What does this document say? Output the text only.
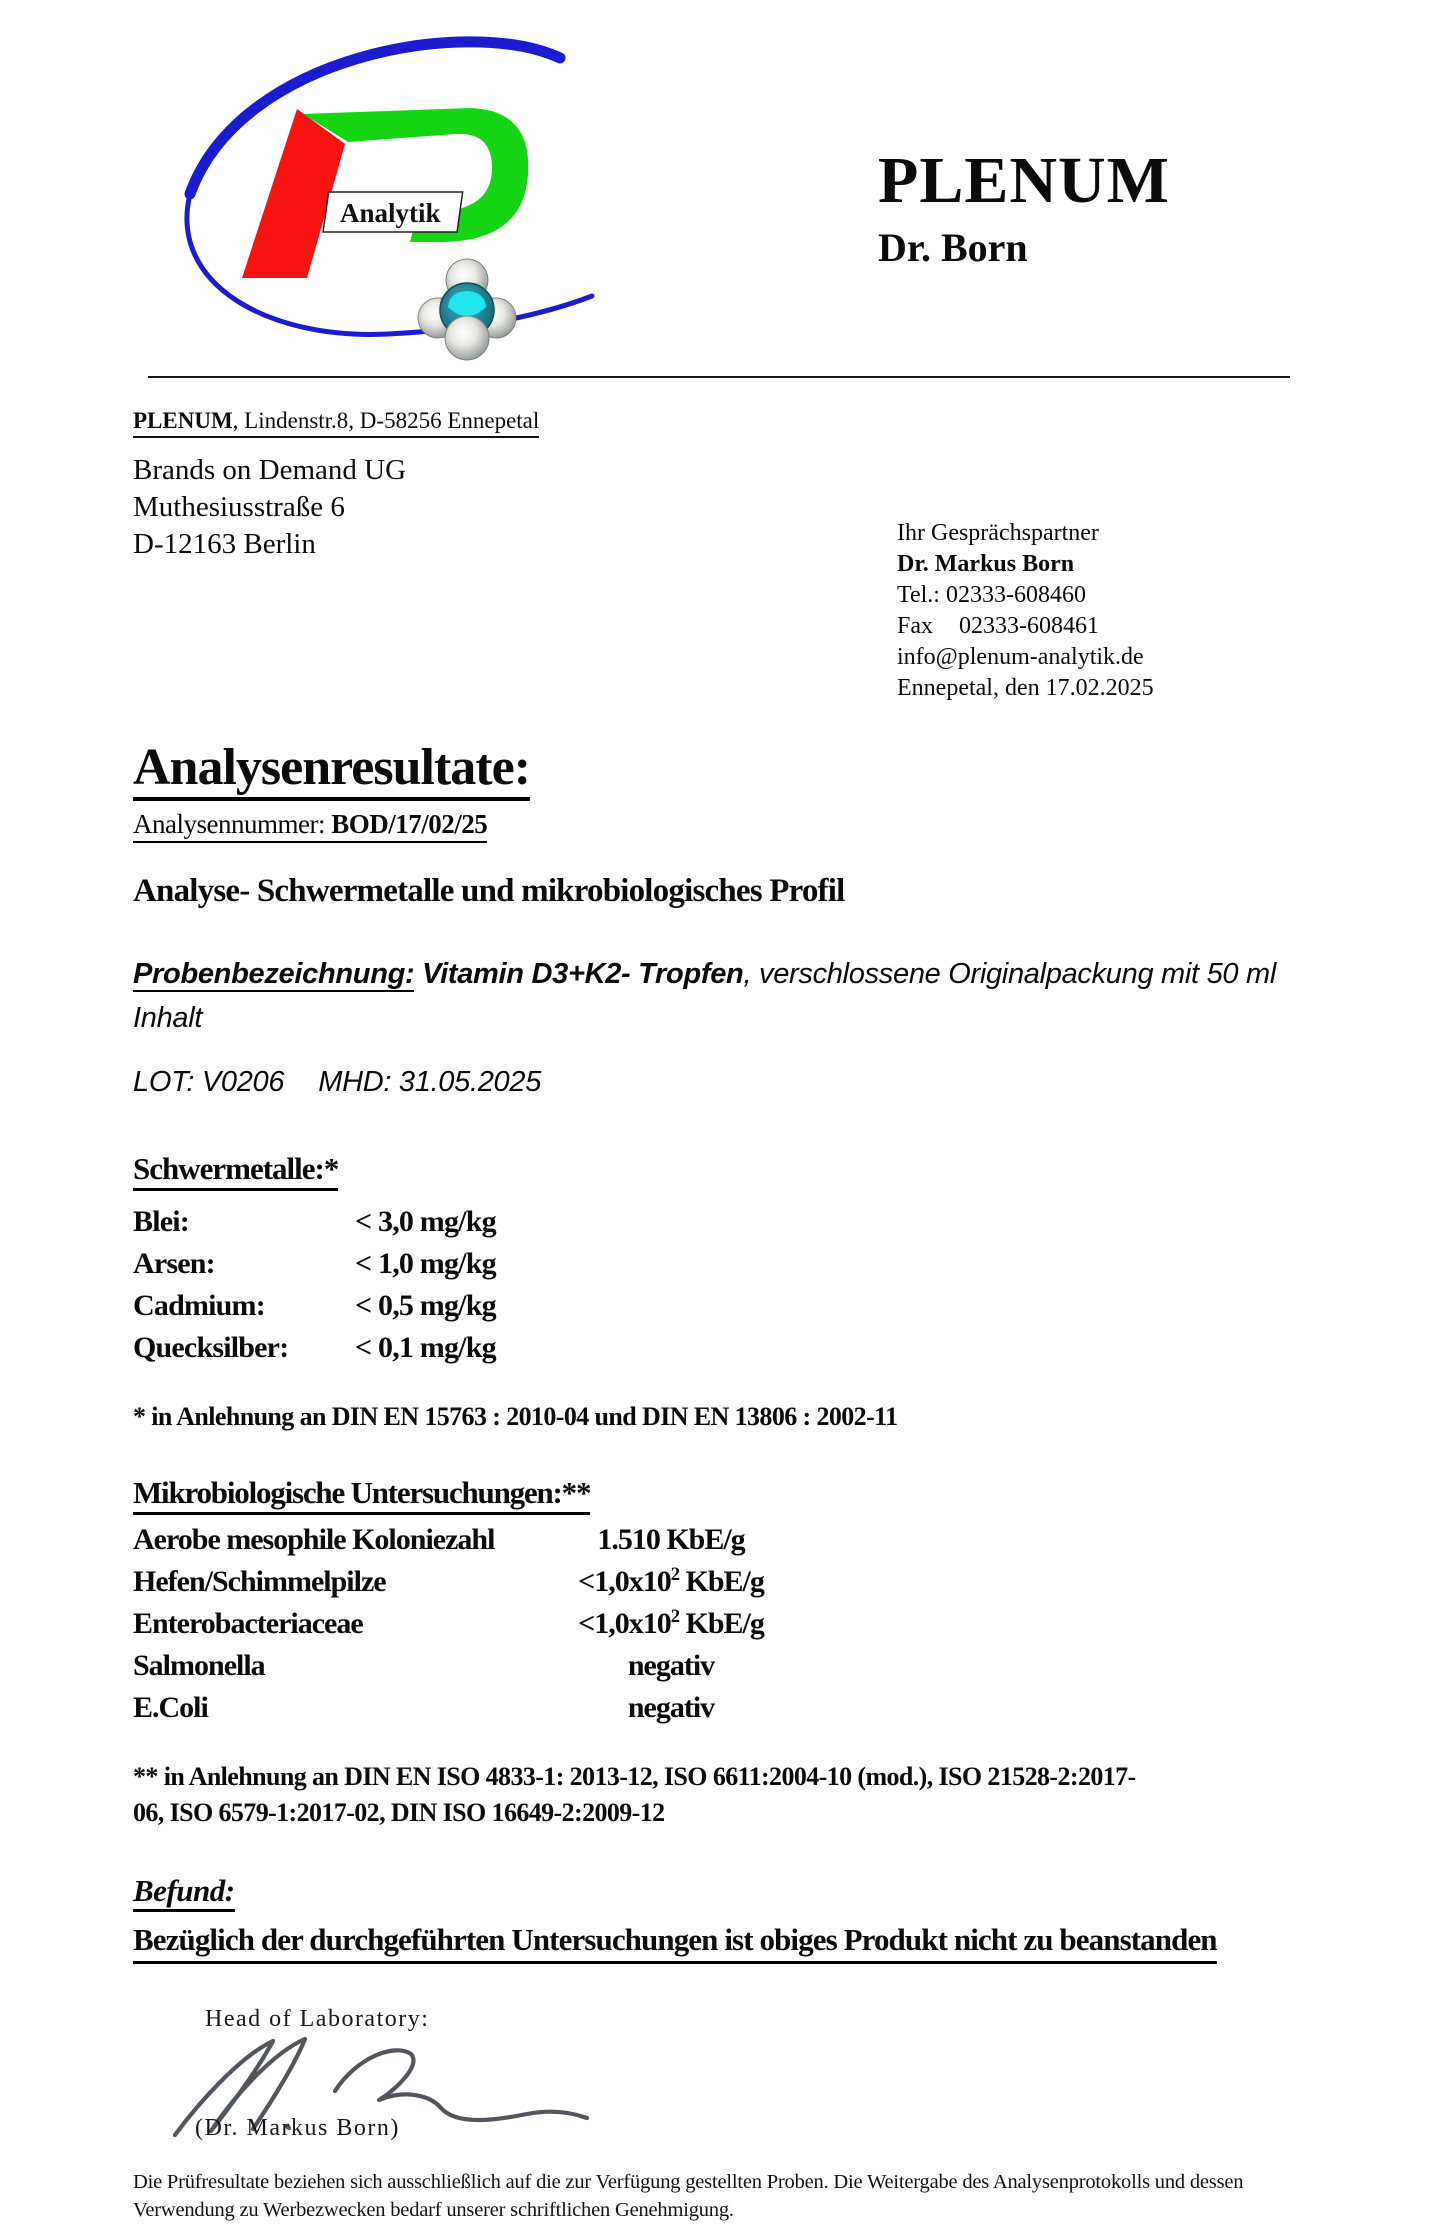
Analytik	PLENUM
Dr. Born
PLENUM, Lindenstr.8, D-58256 Ennepetal
Brands on Demand UG
Muthesiusstraße 6
D-12163 Berlin	Ihr Gesprächspartner
Dr. Markus Born
Tel.: 02333-608460
Fax 02333-608461
info@plenum-analytik.de
Ennepetal, den 17.02.2025
Analysenresultate:
Analysennummer: BOD/17/02/25
Analyse- Schwermetalle und mikrobiologisches Profil
Probenbezeichnung: Vitamin D3+K2- Tropfen, verschlossene Originalpackung mit 50 ml
Inhalt
LOT: V0206 MHD: 31.05.2025
Schwermetalle:*
Blei:	< 3,0 mg/kg
Arsen:	< 1,0 mg/kg
Cadmium:	< 0,5 mg/kg
Quecksilber:	< 0,1 mg/kg
* in Anlehnung an DIN EN 15763 : 2010-04 und DIN EN 13806 : 2002-11
Mikrobiologische Untersuchungen:**
Aerobe mesophile Koloniezahl	1.510 KbE/g
Hefen/Schimmelpilze	$<1,0x10^2$ KbE/g
Enterobacteriaceae	$<1,0x10^2$ KbE/g
Salmonella	negativ
E.Coli	negativ
** in Anlehnung an DIN EN ISO 4833-1: 2013-12, ISO 6611:2004-10 (mod.), ISO 21528-2:2017-
06, ISO 6579-1:2017-02, DIN ISO 16649-2:2009-12
Befund:
Bezüglich der durchgeführten Untersuchungen ist obiges Produkt nicht zu beanstanden
Head of Laboratory:
(Dr. Markus Born)
Die Prüfresultate beziehen sich ausschließlich auf die zur Verfügung gestellten Proben. Die Weitergabe des Analysenprotokolls und dessen
Verwendung zu Werbezwecken bedarf unserer schriftlichen Genehmigung.
